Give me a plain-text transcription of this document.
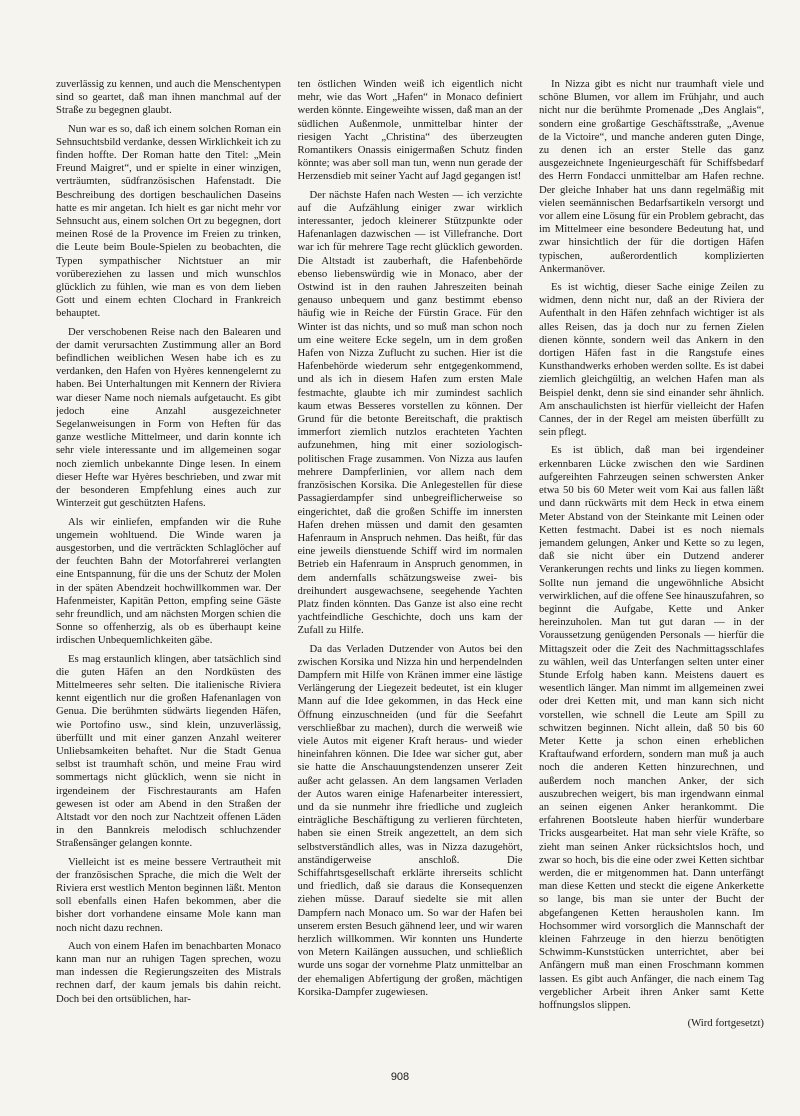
zuverlässig zu kennen, und auch die Menschentypen sind so geartet, daß man ihnen manchmal auf der Straße zu begegnen glaubt.

Nun war es so, daß ich einem solchen Roman ein Sehnsuchtsbild verdanke, dessen Wirklichkeit ich zu finden hoffte. Der Roman hatte den Titel: „Mein Freund Maigret“, und er spielte in einer winzigen, verträumten, südfranzösischen Hafenstadt. Die Beschreibung des dortigen beschaulichen Daseins hatte es mir angetan. Ich hielt es gar nicht mehr vor Sehnsucht aus, einem solchen Ort zu begegnen, dort meinen Rosé de la Provence im Freien zu trinken, die Leute beim Boule-Spielen zu beobachten, die Typen sympathischer Nichtstuer an mir vorübereziehen zu lassen und mich wunschlos glücklich zu fühlen, wie man es von dem lieben Gott und einem echten Clochard in Frankreich behauptet.

Der verschobenen Reise nach den Balearen und der damit verursachten Zustimmung aller an Bord befindlichen weiblichen Wesen habe ich es zu verdanken, den Hafen von Hyères kennengelernt zu haben. Bei Unterhaltungen mit Kennern der Riviera war dieser Name noch niemals aufgetaucht. Es gibt jedoch eine Anzahl ausgezeichneter Segelanweisungen in Form von Heften für das ganze westliche Mittelmeer, und darin konnte ich sehr viele interessante und im allgemeinen sogar noch ziemlich unbekannte Dinge lesen. In einem dieser Hefte war Hyères beschrieben, und zwar mit der besonderen Empfehlung eines auch zur Winterzeit gut geschützten Hafens.

Als wir einliefen, empfanden wir die Ruhe ungemein wohltuend. Die Winde waren ja ausgestorben, und die verträckten Schlaglöcher auf der feuchten Bahn der Motorfahrerei verlangten eine Entspannung, für die uns der Schutz der Molen in der späten Abendzeit hochwillkommen war. Der Hafenmeister, Kapitän Petton, empfing seine Gäste sehr freundlich, und am nächsten Morgen schien die Sonne so offenherzig, als ob es überhaupt keine irdischen Unbequemlichkeiten gäbe.

Es mag erstaunlich klingen, aber tatsächlich sind die guten Häfen an den Nordküsten des Mittelmeeres sehr selten. Die italienische Riviera kennt eigentlich nur die großen Hafenanlagen von Genua. Die berühmten südwärts liegenden Häfen, wie Portofino usw., sind klein, unzuverlässig, überfüllt und mit einer ganzen Anzahl weiterer Unliebsamkeiten behaftet. Nur die Stadt Genua selbst ist traumhaft schön, und meine Frau wird sommertags nicht glücklich, wenn sie nicht in irgendeinem der Fischrestaurants am Hafen gewesen ist oder am Abend in den Straßen der Altstadt vor den noch zur Nachtzeit offenen Läden in den Bannkreis melodisch schluchzender Straßensänger gelangen konnte.

Vielleicht ist es meine bessere Vertrautheit mit der französischen Sprache, die mich die Welt der Riviera erst westlich Menton beginnen läßt. Menton soll ebenfalls einen Hafen bekommen, aber die bisher dort vorhandene einsame Mole kann man noch nicht dazu rechnen.

Auch von einem Hafen im benachbarten Monaco kann man nur an ruhigen Tagen sprechen, wozu man indessen die Regierungszeiten des Mistrals rechnen darf, der kaum jemals bis dahin reicht. Doch bei den ortsüblichen, har-

ten östlichen Winden weiß ich eigentlich nicht mehr, wie das Wort „Hafen“ in Monaco definiert werden könnte. Eingeweihte wissen, daß man an der südlichen Außenmole, unmittelbar hinter der riesigen Yacht „Christina“ des überzeugten Romantikers Onassis einigermaßen Schutz finden könnte; was aber soll man tun, wenn nun gerade der Herzensdieb mit seiner Yacht auf Jagd gegangen ist!

Der nächste Hafen nach Westen — ich verzichte auf die Aufzählung einiger zwar wirklich interessanter, jedoch kleinerer Stützpunkte oder Hafenanlagen dazwischen — ist Villefranche. Dort war ich für mehrere Tage recht glücklich geworden. Die Altstadt ist zauberhaft, die Hafenbehörde ebenso liebenswürdig wie in Monaco, aber der Ostwind ist in den rauhen Jahreszeiten beinah genauso unbequem und ganz bestimmt ebenso häufig wie in Reiche der Fürstin Grace. Für den Winter ist das nichts, und so muß man schon noch um eine weitere Ecke segeln, um in dem großen Hafen von Nizza Zuflucht zu suchen. Hier ist die Hafenbehörde wiederum sehr entgegenkommend, und als ich in diesem Hafen zum ersten Male festmachte, glaubte ich mir zumindest sachlich kaum etwas Besseres vorstellen zu können. Der Grund für die betonte Bereitschaft, die praktisch immerfort ziemlich nutzlos erachteten Yachten aufzunehmen, hing mit einer soziologisch-politischen Frage zusammen. Von Nizza aus laufen mehrere Dampferlinien, vor allem nach dem französischen Korsika. Die Anlegestellen für diese Passagierdampfer sind unbegreiflicherweise so eingerichtet, daß die großen Schiffe im innersten Hafen drehen müssen und damit den gesamten Hafenraum in Anspruch nehmen. Das heißt, für das eine jeweils dienstuende Schiff wird im normalen Betrieb ein Hafenraum in Anspruch genommen, in dem andernfalls schätzungsweise zwei- bis dreihundert ausgewachsene, seegehende Yachten Platz finden könnten. Das Ganze ist also eine recht yachtfeindliche Geschichte, doch uns kam der Zufall zu Hilfe.

Da das Verladen Dutzender von Autos bei den zwischen Korsika und Nizza hin und herpendelnden Dampfern mit Hilfe von Kränen immer eine lästige Verlängerung der Liegezeit bedeutet, ist ein kluger Mann auf die Idee gekommen, in das Heck eine Öffnung einzuschneiden (und für die Seefahrt verschließbar zu machen), durch die werweiß wie viele Autos mit eigener Kraft heraus- und wieder hineinfahren können. Die Idee war sicher gut, aber sie hatte die Anschauungstendenzen unserer Zeit außer acht gelassen. An dem langsamen Verladen der Autos waren einige Hafenarbeiter interessiert, und da sie nunmehr ihre friedliche und zugleich einträgliche Beschäftigung zu verlieren fürchteten, haben sie einen Streik angezettelt, an dem sich selbstverständlich alles, was in Nizza dazugehört, anständigerweise anschloß. Die Schiffahrtsgesellschaft erklärte ihrerseits schlicht und friedlich, daß sie daraus die Konsequenzen ziehen müsse. Darauf siedelte sie mit allen Dampfern nach Monaco um. So war der Hafen bei unserem ersten Besuch gähnend leer, und wir waren herzlich willkommen. Wir konnten uns Hunderte von Metern Kailängen aussuchen, und schließlich wurde uns sogar der vornehme Platz unmittelbar an der ehemaligen Abfertigung der großen, mächtigen Korsika-Dampfer zugewiesen.

In Nizza gibt es nicht nur traumhaft viele und schöne Blumen, vor allem im Frühjahr, und auch nicht nur die berühmte Promenade „Des Anglais“, sondern eine großartige Geschäftsstraße, „Avenue de la Victoire“, und manche anderen guten Dinge, zu denen ich an erster Stelle das ganz ausgezeichnete Ingenieurgeschäft für Schiffsbedarf des Herrn Fondacci unmittelbar am Hafen rechne. Der gleiche Inhaber hat uns dann regelmäßig mit vielen seemännischen Bedarfsartikeln versorgt und vor allem eine Lösung für ein Problem gebracht, das im Mittelmeer eine besondere Bedeutung hat, und zwar hinsichtlich der für die dortigen Häfen typischen, außerordentlich komplizierten Ankermanöver.

Es ist wichtig, dieser Sache einige Zeilen zu widmen, denn nicht nur, daß an der Riviera der Aufenthalt in den Häfen zehnfach wichtiger ist als alles Reisen, das ja doch nur zu fernen Zielen dienen könnte, sondern weil das Ankern in den dortigen Häfen fast in die Rangstufe eines Kunsthandwerks erhoben werden sollte. Es ist dabei ziemlich gleichgültig, an welchen Hafen man als Beispiel denkt, denn sie sind einander sehr ähnlich. Am anschaulichsten ist hierfür vielleicht der Hafen Cannes, der in der Regel am meisten überfüllt zu sein pflegt.

Es ist üblich, daß man bei irgendeiner erkennbaren Lücke zwischen den wie Sardinen aufgereihten Fahrzeugen seinen schwersten Anker etwa 50 bis 60 Meter weit vom Kai aus fallen läßt und dann rückwärts mit dem Heck in etwa einem Meter Abstand von der Steinkante mit Leinen oder Ketten festmacht. Dabei ist es noch niemals jemandem gelungen, Anker und Kette so zu legen, daß sie nicht über ein Dutzend anderer Verankerungen rechts und links zu liegen kommen. Sollte nun jemand die ungewöhnliche Absicht verwirklichen, auf die offene See hinauszufahren, so beginnt die Aufgabe, Kette und Anker hereinzuholen. Man tut gut daran — in der Voraussetzung genügenden Personals — hierfür die Mittagszeit oder die Zeit des Nachmittagsschlafes zu wählen, weil das Unterfangen selten unter einer Stunde Erfolg haben kann. Meistens dauert es wesentlich länger. Man nimmt im allgemeinen zwei oder drei Ketten mit, und man kann sich nicht vorstellen, wie schnell die Leute am Spill zu schwitzen beginnen. Nicht allein, daß 50 bis 60 Meter Kette ja schon einen erheblichen Kraftaufwand erfordern, sondern man muß ja auch noch die anderen Ketten hinzurechnen, und außerdem noch manchen Anker, der sich auszubrechen weigert, bis man irgendwann einmal an seinen eigenen Anker herankommt. Die erfahrenen Bootsleute haben hierfür wunderbare Tricks ausgearbeitet. Hat man sehr viele Kräfte, so zieht man seinen Anker rücksichtslos hoch, und zwar so hoch, bis die eine oder zwei Ketten sichtbar werden, die er mitgenommen hat. Dann unterfängt man diese Ketten und steckt die eigene Ankerkette so lange, bis man sie unter der Bucht der abgefangenen Ketten herausholen kann. Im Hochsommer wird vorsorglich die Mannschaft der kleinen Fahrzeuge in den hierzu benötigten Schwimm-Kunststücken unterrichtet, aber bei Anfängern muß man einen Froschmann kommen lassen. Es gibt auch Anfänger, die nach einem Tag vergeblicher Arbeit ihren Anker samt Kette hoffnungslos slippen.

(Wird fortgesetzt)
908
